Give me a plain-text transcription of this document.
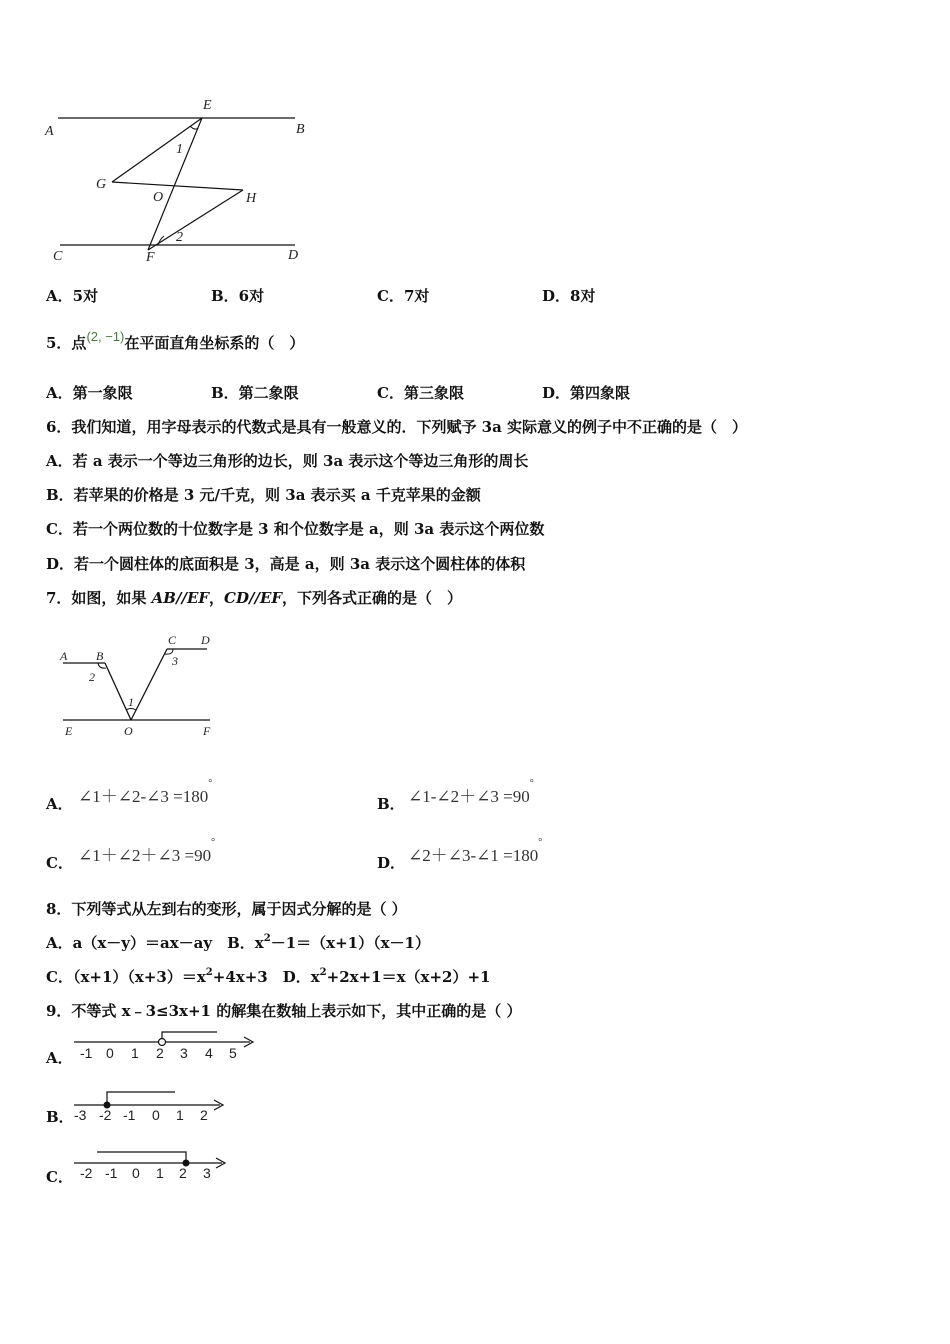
A	B
E
1
G
O	H
2
C	F	D
A．5对	B．6对	C．7对	D．8对
5．点(2, −1)在平面直角坐标系的（　）
A．第一象限	B．第二象限	C．第三象限	D．第四象限
6．我们知道，用字母表示的代数式是具有一般意义的．下列赋予 3a 实际意义的例子中不正确的是（　）
A．若 a 表示一个等边三角形的边长，则 3a 表示这个等边三角形的周长
B．若苹果的价格是 3 元/千克，则 3a 表示买 a 千克苹果的金额
C．若一个两位数的十位数字是 3 和个位数字是 a，则 3a 表示这个两位数
D．若一个圆柱体的底面积是 3，高是 a，则 3a 表示这个圆柱体的体积
7．如图，如果 AB//EF，CD//EF，下列各式正确的是（　）
A B
2
C D
3
1
E	O	F
A． ∠1＋∠2-∠3 =180°
B． ∠1-∠2＋∠3 =90°
C． ∠1＋∠2＋∠3 =90°
D． ∠2＋∠3-∠1 =180°
8．下列等式从左到右的变形，属于因式分解的是（ ）
A．a（x－y）＝ax－ay　B．$x^2-1=(x+1)(x-1)$
C．$(x+1)(x+3)=x^2+4x+3$　D．$x^2+2x+1=x(x+2)+1$
9．不等式 x﹣3≤3x+1 的解集在数轴上表示如下，其中正确的是（ ）
A． -1 0 1 2 3 4 5
B． -3 -2 -1 0 1 2
C． -2 -1 0 1 2 3
